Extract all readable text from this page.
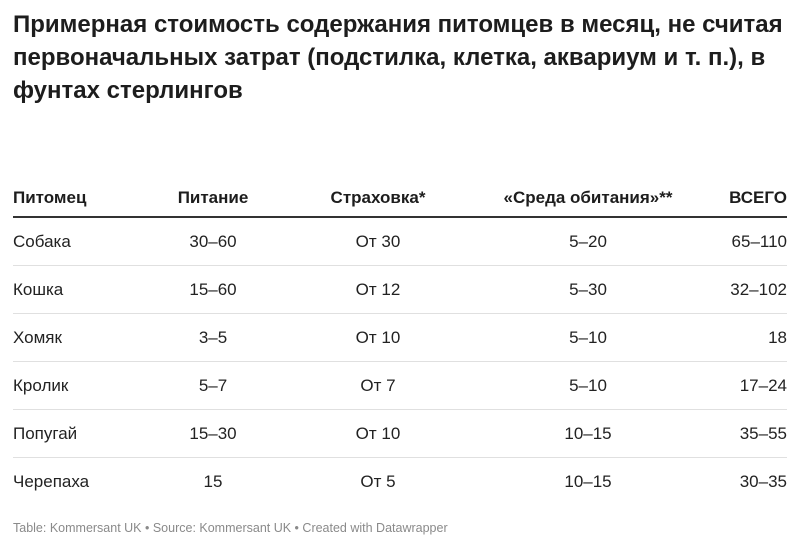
Примерная стоимость содержания питомцев в месяц, не считая первоначальных затрат (подстилка, клетка, аквариум и т. п.), в фунтах стерлингов
Питомец	Питание	Страховка*	«Среда обитания»**	ВСЕГО
Собака	30–60	От 30	5–20	65–110
Кошка	15–60	От 12	5–30	32–102
Хомяк	3–5	От 10	5–10	18
Кролик	5–7	От 7	5–10	17–24
Попугай	15–30	От 10	10–15	35–55
Черепаха	15	От 5	10–15	30–35
Table: Kommersant UK • Source: Kommersant UK • Created with Datawrapper
